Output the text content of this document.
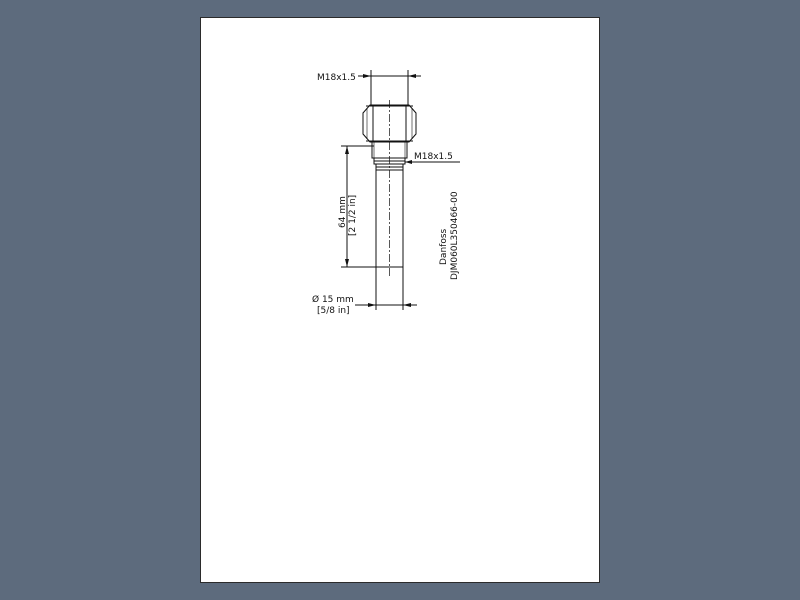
M18x1.5
M18x1.5
64 mm [2 1/2 in]
Ø 15 mm
[5/8 in]
Danfoss DJM060L350466-00
